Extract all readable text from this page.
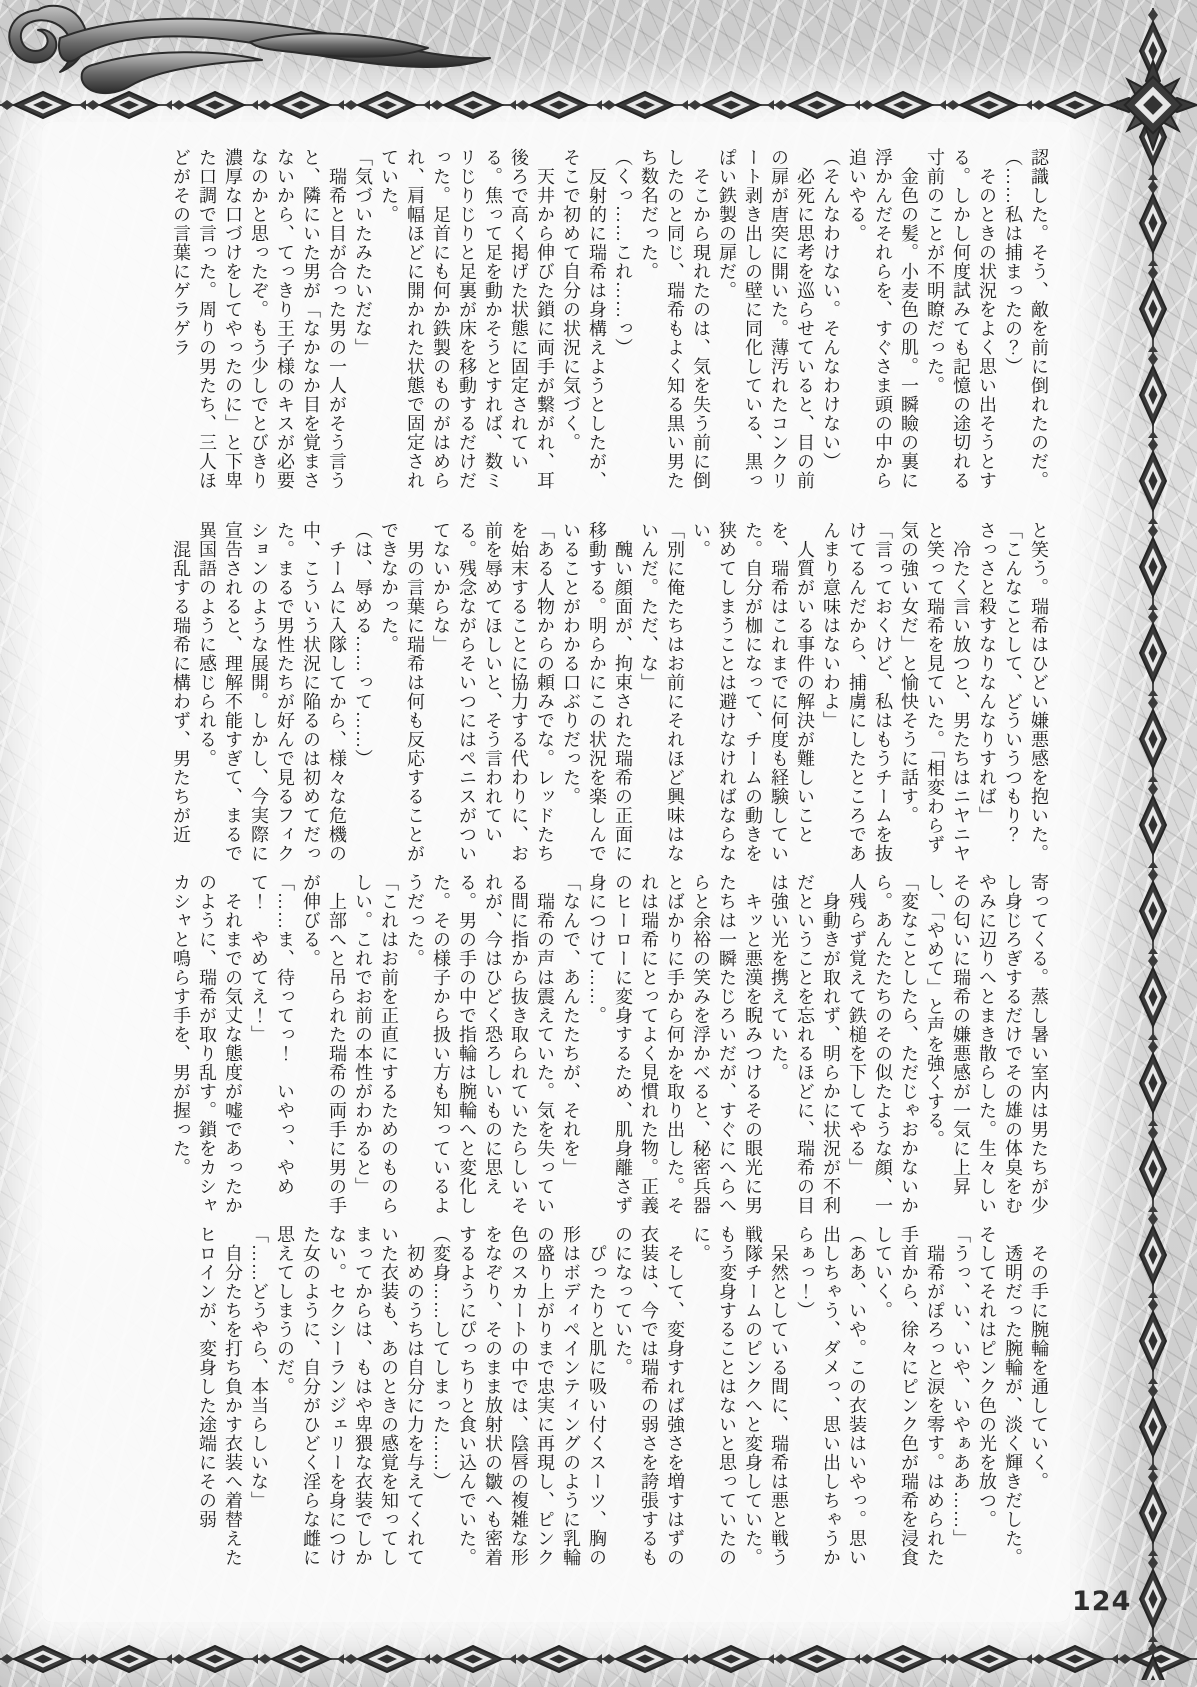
認識した。そう、敵を前に倒れたのだ。

（……私は捕まったの？）

　そのときの状況をよく思い出そうとする。しかし何度試みても記憶の途切れる寸前のことが不明瞭だった。

　金色の髪。小麦色の肌。一瞬瞼の裏に浮かんだそれらを、すぐさま頭の中から追いやる。

（そんなわけない。そんなわけない）

　必死に思考を巡らせていると、目の前の扉が唐突に開いた。薄汚れたコンクリート剥き出しの壁に同化している、黒っぽい鉄製の扉だ。

　そこから現れたのは、気を失う前に倒したのと同じ、瑞希もよく知る黒い男たち数名だった。

（くっ……これ……っ）

　反射的に瑞希は身構えようとしたが、そこで初めて自分の状況に気づく。

　天井から伸びた鎖に両手が繋がれ、耳後ろで高く掲げた状態に固定されている。焦って足を動かそうとすれば、数ミリじりじりと足裏が床を移動するだけだった。足首にも何か鉄製のものがはめられ、肩幅ほどに開かれた状態で固定されていた。

「気づいたみたいだな」

　瑞希と目が合った男の一人がそう言うと、隣にいた男が「なかなか目を覚まさないから、てっきり王子様のキスが必要なのかと思ったぞ。もう少しでとびきり濃厚な口づけをしてやったのに」と下卑た口調で言った。周りの男たち、三人ほどがその言葉にゲラゲラ

と笑う。瑞希はひどい嫌悪感を抱いた。

「こんなことして、どういうつもり？　さっさと殺すなりなんなりすれば」

　冷たく言い放つと、男たちはニヤニヤと笑って瑞希を見ていた。「相変わらず気の強い女だ」と愉快そうに話す。

「言っておくけど、私はもうチームを抜けてるんだから、捕虜にしたところであんまり意味はないわよ」

　人質がいる事件の解決が難しいことを、瑞希はこれまでに何度も経験していた。自分が枷になって、チームの動きを狭めてしまうことは避けなければならない。

「別に俺たちはお前にそれほど興味はないんだ。ただ、な」

　醜い顔面が、拘束された瑞希の正面に移動する。明らかにこの状況を楽しんでいることがわかる口ぶりだった。

「ある人物からの頼みでな。レッドたちを始末することに協力する代わりに、お前を辱めてほしいと、そう言われている。残念ながらそいつにはペニスがついてないからな」

　男の言葉に瑞希は何も反応することができなかった。

（は、辱める……って……）

　チームに入隊してから、様々な危機の中、こういう状況に陥るのは初めてだった。まるで男性たちが好んで見るフィクションのような展開。しかし、今実際に宣告されると、理解不能すぎて、まるで異国語のように感じられる。

　混乱する瑞希に構わず、男たちが近

寄ってくる。蒸し暑い室内は男たちが少し身じろぎするだけでその雄の体臭をむやみに辺りへとまき散らした。生々しいその匂いに瑞希の嫌悪感が一気に上昇し、「やめて」と声を強くする。

「変なことしたら、ただじゃおかないから。あんたたちのその似たような顔、一人残らず覚えて鉄槌を下してやる」

　身動きが取れず、明らかに状況が不利だということを忘れるほどに、瑞希の目は強い光を携えていた。

　キッと悪漢を睨みつけるその眼光に男たちは一瞬たじろいだが、すぐにへらへらと余裕の笑みを浮かべると、秘密兵器とばかりに手から何かを取り出した。それは瑞希にとってよく見慣れた物。正義のヒーローに変身するため、肌身離さず身につけて……。

「なんで、あんたたちが、それを」

　瑞希の声は震えていた。気を失っている間に指から抜き取られていたらしいそれが、今はひどく恐ろしいものに思える。男の手の中で指輪は腕輪へと変化した。その様子から扱い方も知っているようだった。

「これはお前を正直にするためのものらしい。これでお前の本性がわかると」

　上部へと吊られた瑞希の両手に男の手が伸びる。

「……ま、待ってっ！　いやっ、やめて！　やめてえ！」

　それまでの気丈な態度が嘘であったかのように、瑞希が取り乱す。鎖をカシャカシャと鳴らす手を、男が握った。

　その手に腕輪を通していく。

　透明だった腕輪が、淡く輝きだした。そしてそれはピンク色の光を放つ。

「うっ、い、いや、いやぁああ……」

　瑞希がぽろっと涙を零す。はめられた手首から、徐々にピンク色が瑞希を浸食していく。

（ああ、いや。この衣装はいやっ。思い出しちゃう、ダメっ、思い出しちゃうからぁっ！）

　呆然としている間に、瑞希は悪と戦う戦隊チームのピンクへと変身していた。もう変身することはないと思っていたのに。

　そして、変身すれば強さを増すはずの衣装は、今では瑞希の弱さを誇張するものになっていた。

　ぴったりと肌に吸い付くスーツ、胸の形はボディペインティングのように乳輪の盛り上がりまで忠実に再現し、ピンク色のスカートの中では、陰唇の複雑な形をなぞり、そのまま放射状の皺へも密着するようにぴっちりと食い込んでいた。

（変身……してしまった……）

　初めのうちは自分に力を与えてくれていた衣装も、あのときの感覚を知ってしまってからは、もはや卑猥な衣装でしかない。セクシーランジェリーを身につけた女のように、自分がひどく淫らな雌に思えてしまうのだ。

「……どうやら、本当らしいな」

　自分たちを打ち負かす衣装へ着替えたヒロインが、変身した途端にその弱

124
